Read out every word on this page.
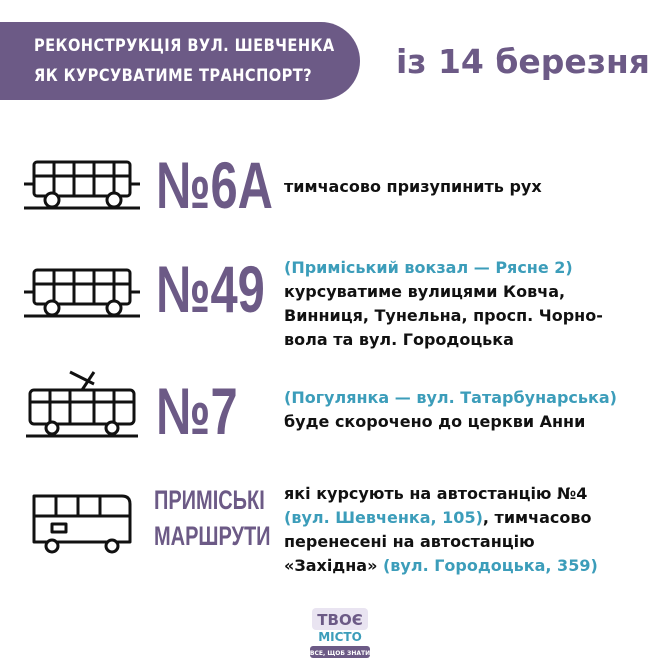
РЕКОНСТРУКЦІЯ ВУЛ. ШЕВЧЕНКА
ЯК КУРСУВАТИМЕ ТРАНСПОРТ?	із 14 березня
№6А тимчасово призупинить рух
№49 (Приміський вокзал — Рясне 2)
курсуватиме вулицями Ковча,
Винниця, Тунельна, просп. Чорно-
вола та вул. Городоцька
№7	(Погулянка — вул. Татарбунарська)
буде скорочено до церкви Анни
ПРИМІСЬКІ
МАРШРУТИ
які курсують на автостанцію №4
(вул. Шевченка, 105), тимчасово
перенесені на автостанцію
«Західна» (вул. Городоцька, 359)
ТВОЄ
МІСТО
ВСЕ, ЩОБ ЗНАТИ
